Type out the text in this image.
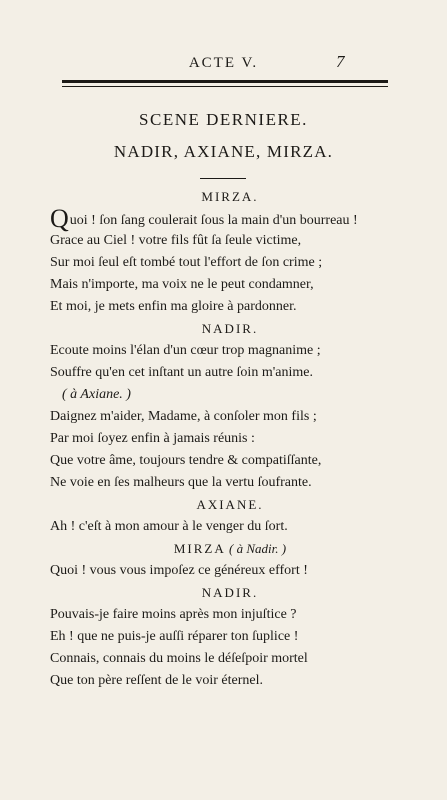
ACTE V.	7
SCENE DERNIERE.
NADIR, AXIANE, MIRZA.
MIRZA.
Quoi ! ſon ſang coulerait ſous la main d'un bourreau !
Grace au Ciel ! votre fils fût ſa ſeule victime,
Sur moi ſeul eſt tombé tout l'effort de ſon crime ;
Mais n'importe, ma voix ne le peut condamner,
Et moi, je mets enfin ma gloire à pardonner.
NADIR.
Ecoute moins l'élan d'un cœur trop magnanime ;
Souffre qu'en cet inſtant un autre ſoin m'anime.
( à Axiane. )
Daignez m'aider, Madame, à conſoler mon fils ;
Par moi ſoyez enfin à jamais réunis :
Que votre âme, toujours tendre & compatiſſante,
Ne voie en ſes malheurs que la vertu ſoufrante.
AXIANE.
Ah ! c'eſt à mon amour à le venger du ſort.
MIRZA ( à Nadir. )
Quoi ! vous vous impoſez ce généreux effort !
NADIR.
Pouvais-je faire moins après mon injuſtice ?
Eh ! que ne puis-je auſſi réparer ton ſuplice !
Connais, connais du moins le déſeſpoir mortel
Que ton père reſſent de le voir éternel.
